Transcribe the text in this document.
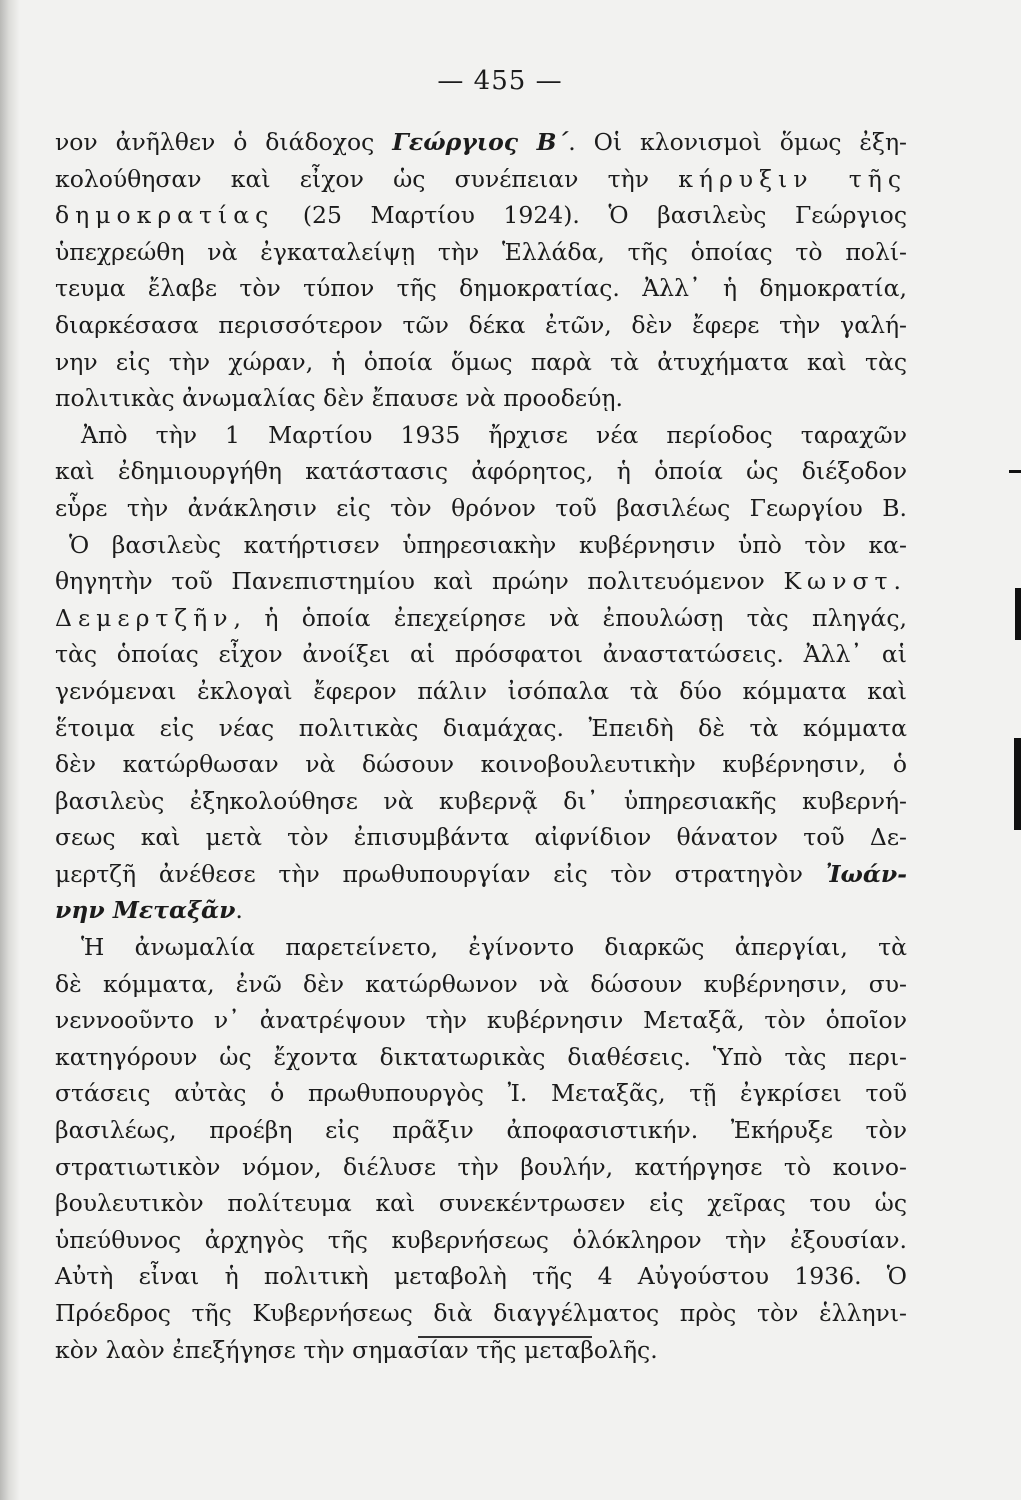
— 455 —
νον ἀνῆλθεν ὁ διάδοχος Γεώργιος Β΄. Οἱ κλονισμοὶ ὅμως ἐξη-
κολούθησαν καὶ εἶχον ὡς συνέπειαν τὴν κήρυξιν τῆς
δημοκρατίας (25 Μαρτίου 1924). Ὁ βασιλεὺς Γεώργιος
ὑπεχρεώθη νὰ ἐγκαταλείψῃ τὴν Ἑλλάδα, τῆς ὁποίας τὸ πολί-
τευμα ἔλαβε τὸν τύπον τῆς δημοκρατίας. Ἀλλ᾽ ἡ δημοκρατία,
διαρκέσασα περισσότερον τῶν δέκα ἐτῶν, δὲν ἔφερε τὴν γαλή-
νην εἰς τὴν χώραν, ἡ ὁποία ὅμως παρὰ τὰ ἀτυχήματα καὶ τὰς
πολιτικὰς ἀνωμαλίας δὲν ἔπαυσε νὰ προοδεύῃ.
Ἀπὸ τὴν 1 Μαρτίου 1935 ἤρχισε νέα περίοδος ταραχῶν
καὶ ἐδημιουργήθη κατάστασις ἀφόρητος, ἡ ὁποία ὡς διέξοδον
εὗρε τὴν ἀνάκλησιν εἰς τὸν θρόνον τοῦ βασιλέως Γεωργίου Β.
Ὁ βασιλεὺς κατήρτισεν ὑπηρεσιακὴν κυβέρνησιν ὑπὸ τὸν κα-
θηγητὴν τοῦ Πανεπιστημίου καὶ πρώην πολιτευόμενον Κωνστ.
Δεμερτζῆν, ἡ ὁποία ἐπεχείρησε νὰ ἐπουλώσῃ τὰς πληγάς,
τὰς ὁποίας εἶχον ἀνοίξει αἱ πρόσφατοι ἀναστατώσεις. Ἀλλ᾽ αἱ
γενόμεναι ἐκλογαὶ ἔφερον πάλιν ἰσόπαλα τὰ δύο κόμματα καὶ
ἕτοιμα εἰς νέας πολιτικὰς διαμάχας. Ἐπειδὴ δὲ τὰ κόμματα
δὲν κατώρθωσαν νὰ δώσουν κοινοβουλευτικὴν κυβέρνησιν, ὁ
βασιλεὺς ἐξηκολούθησε νὰ κυβερνᾷ δι᾽ ὑπηρεσιακῆς κυβερνή-
σεως καὶ μετὰ τὸν ἐπισυμβάντα αἰφνίδιον θάνατον τοῦ Δε-
μερτζῆ ἀνέθεσε τὴν πρωθυπουργίαν εἰς τὸν στρατηγὸν Ἰωάν-
νην Μεταξᾶν.
Ἡ ἀνωμαλία παρετείνετο, ἐγίνοντο διαρκῶς ἀπεργίαι, τὰ
δὲ κόμματα, ἐνῶ δὲν κατώρθωνον νὰ δώσουν κυβέρνησιν, συ-
νεννοοῦντο ν᾽ ἀνατρέψουν τὴν κυβέρνησιν Μεταξᾶ, τὸν ὁποῖον
κατηγόρουν ὡς ἔχοντα δικτατωρικὰς διαθέσεις. Ὑπὸ τὰς περι-
στάσεις αὐτὰς ὁ πρωθυπουργὸς Ἰ. Μεταξᾶς, τῇ ἐγκρίσει τοῦ
βασιλέως, προέβη εἰς πρᾶξιν ἀποφασιστικήν. Ἐκήρυξε τὸν
στρατιωτικὸν νόμον, διέλυσε τὴν βουλήν, κατήργησε τὸ κοινο-
βουλευτικὸν πολίτευμα καὶ συνεκέντρωσεν εἰς χεῖρας του ὡς
ὑπεύθυνος ἀρχηγὸς τῆς κυβερνήσεως ὁλόκληρον τὴν ἐξουσίαν.
Αὐτὴ εἶναι ἡ πολιτικὴ μεταβολὴ τῆς 4 Αὐγούστου 1936. Ὁ
Πρόεδρος τῆς Κυβερνήσεως διὰ διαγγέλματος πρὸς τὸν ἑλληνι-
κὸν λαὸν ἐπεξήγησε τὴν σημασίαν τῆς μεταβολῆς.
